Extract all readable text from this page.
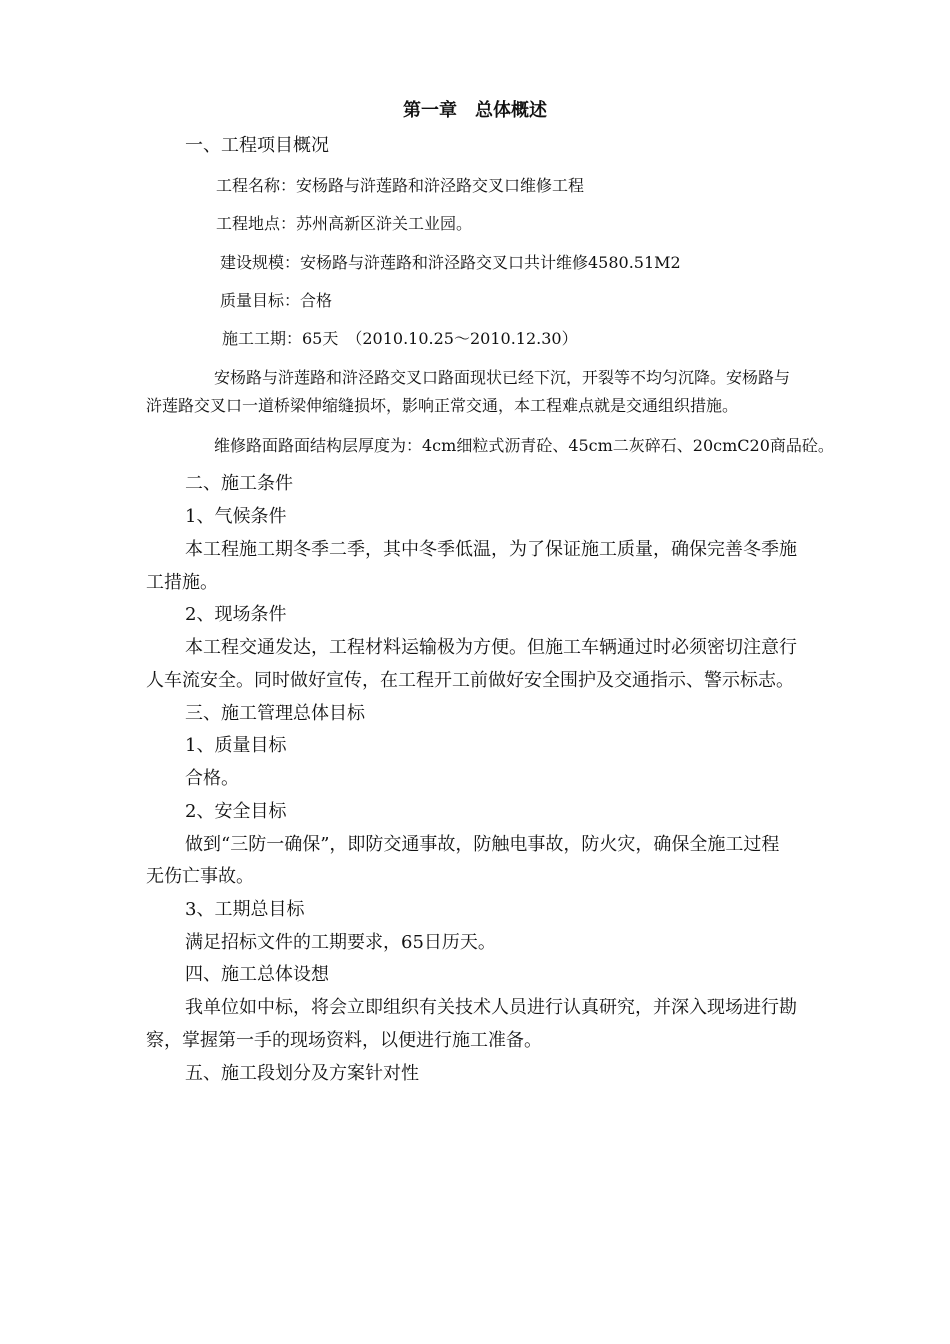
第一章　总体概述
一、工程项目概况
工程名称：安杨路与浒莲路和浒泾路交叉口维修工程
工程地点：苏州高新区浒关工业园。
建设规模：安杨路与浒莲路和浒泾路交叉口共计维修4580.51M2
质量目标：合格
施工工期：65天　（2010.10.25～2010.12.30）
安杨路与浒莲路和浒泾路交叉口路面现状已经下沉，开裂等不均匀沉降。安杨路与
浒莲路交叉口一道桥梁伸缩缝损坏，影响正常交通，本工程难点就是交通组织措施。
维修路面路面结构层厚度为：4cm细粒式沥青砼、45cm二灰碎石、20cmC20商品砼。
二、施工条件
1、气候条件
本工程施工期冬季二季，其中冬季低温，为了保证施工质量，确保完善冬季施
工措施。
2、现场条件
本工程交通发达，工程材料运输极为方便。但施工车辆通过时必须密切注意行
人车流安全。同时做好宣传，在工程开工前做好安全围护及交通指示、警示标志。
三、施工管理总体目标
1、质量目标
合格。
2、安全目标
做到“三防一确保”，即防交通事故，防触电事故，防火灾，确保全施工过程
无伤亡事故。
3、工期总目标
满足招标文件的工期要求，65日历天。
四、施工总体设想
我单位如中标，将会立即组织有关技术人员进行认真研究，并深入现场进行勘
察，掌握第一手的现场资料，以便进行施工准备。
五、施工段划分及方案针对性
